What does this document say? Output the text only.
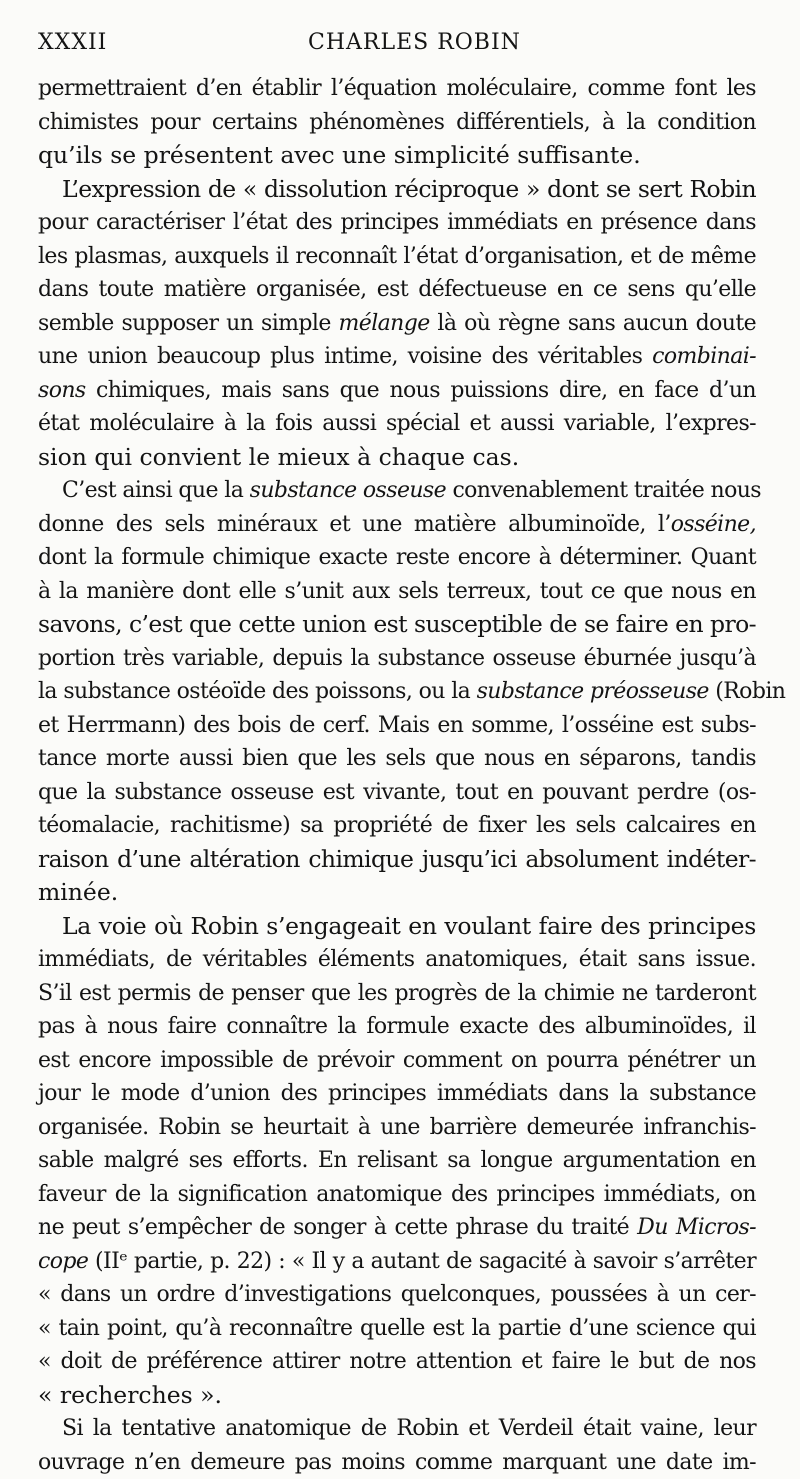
XXXII	CHARLES ROBIN
permettraient d’en établir l’équation moléculaire, comme font les
chimistes pour certains phénomènes différentiels, à la condition
qu’ils se présentent avec une simplicité suffisante.
L’expression de « dissolution réciproque » dont se sert Robin
pour caractériser l’état des principes immédiats en présence dans
les plasmas, auxquels il reconnaît l’état d’organisation, et de même
dans toute matière organisée, est défectueuse en ce sens qu’elle
semble supposer un simple mélange là où règne sans aucun doute
une union beaucoup plus intime, voisine des véritables combinai-
sons chimiques, mais sans que nous puissions dire, en face d’un
état moléculaire à la fois aussi spécial et aussi variable, l’expres-
sion qui convient le mieux à chaque cas.
C’est ainsi que la substance osseuse convenablement traitée nous
donne des sels minéraux et une matière albuminoïde, l’osséine,
dont la formule chimique exacte reste encore à déterminer. Quant
à la manière dont elle s’unit aux sels terreux, tout ce que nous en
savons, c’est que cette union est susceptible de se faire en pro-
portion très variable, depuis la substance osseuse éburnée jusqu’à
la substance ostéoïde des poissons, ou la substance préosseuse (Robin
et Herrmann) des bois de cerf. Mais en somme, l’osséine est subs-
tance morte aussi bien que les sels que nous en séparons, tandis
que la substance osseuse est vivante, tout en pouvant perdre (os-
téomalacie, rachitisme) sa propriété de fixer les sels calcaires en
raison d’une altération chimique jusqu’ici absolument indéter-
minée.
La voie où Robin s’engageait en voulant faire des principes
immédiats, de véritables éléments anatomiques, était sans issue.
S’il est permis de penser que les progrès de la chimie ne tarderont
pas à nous faire connaître la formule exacte des albuminoïdes, il
est encore impossible de prévoir comment on pourra pénétrer un
jour le mode d’union des principes immédiats dans la substance
organisée. Robin se heurtait à une barrière demeurée infranchis-
sable malgré ses efforts. En relisant sa longue argumentation en
faveur de la signification anatomique des principes immédiats, on
ne peut s’empêcher de songer à cette phrase du traité Du Micros-
cope (IIᵉ partie, p. 22) : « Il y a autant de sagacité à savoir s’arrêter
« dans un ordre d’investigations quelconques, poussées à un cer-
« tain point, qu’à reconnaître quelle est la partie d’une science qui
« doit de préférence attirer notre attention et faire le but de nos
« recherches ».
Si la tentative anatomique de Robin et Verdeil était vaine, leur
ouvrage n’en demeure pas moins comme marquant une date im-
